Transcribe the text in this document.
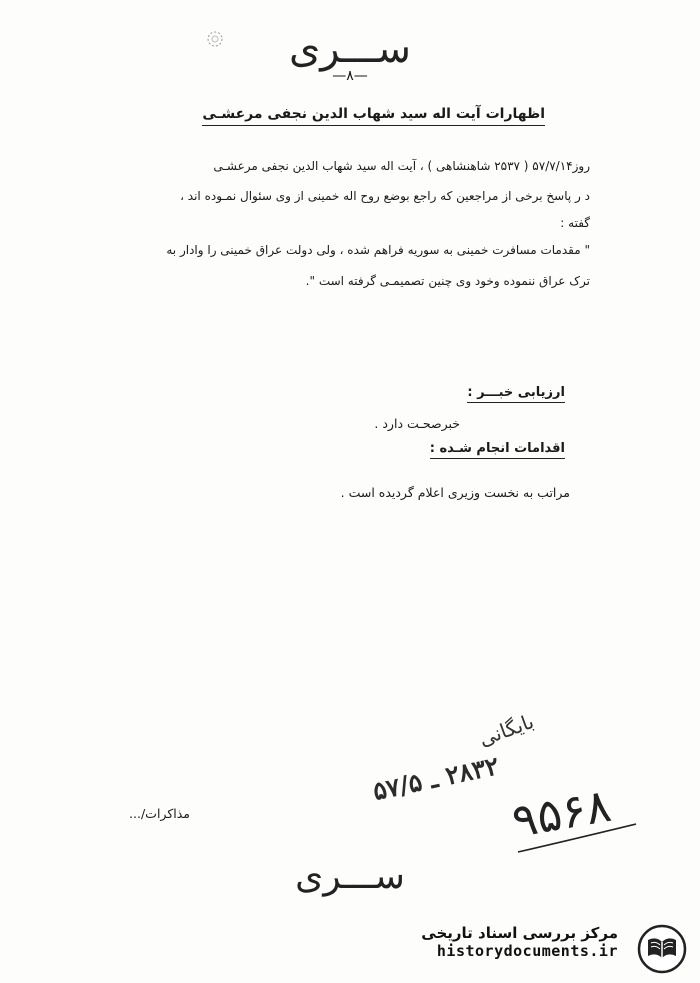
ســـری
—۸—
اظهارات آیت اله سید شهاب الدین نجفی مرعشـی
روز۵۷/۷/۱۴ ( ۲۵۳۷ شاهنشاهی ) ، آیت اله سید شهاب الدین نجفی مرعشـی
د ر پاسخ برخی از مراجعین که راجع بوضع روح اله خمینی از وی سئوال نمـوده اند ،
گفته :
" مقدمات مسافرت خمینی به سوریه فراهم شده ، ولی دولت عراق خمینی را وادار به
ترک عراق ننموده وخود وی چنین تصمیمـی گرفته است ".
ارزیابی خبـــر :
خبرصحـت دارد .
اقدامات انجام شـده :
مراتب به نخست وزیری اعلام گردیده است .
بایگانی
۲۸۳۲ ـ ۵۷/۵
۹۵۶۸
مذاکرات/...
ســـری
مرکز بررسی اسناد تاریخی
historydocuments.ir
